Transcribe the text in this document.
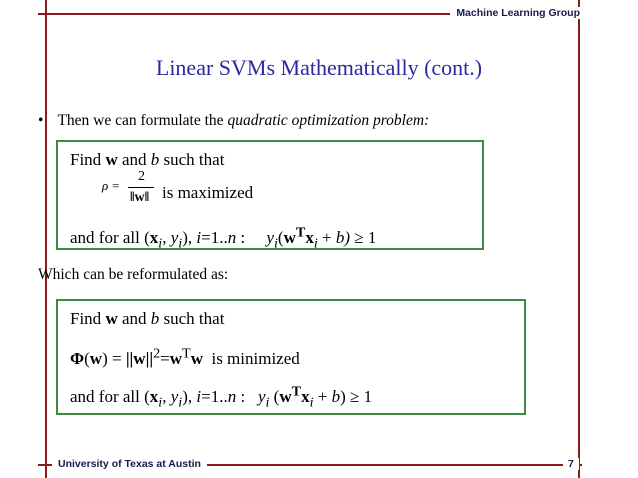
Machine Learning Group
University of Texas at Austin	7
Linear SVMs Mathematically (cont.)
• Then we can formulate the quadratic optimization problem:
Find w and b such that
ρ =
2
‖w‖ is maximized
and for all ($x_i$, $y_i$), i=1..n :     $y_i(w^Tx_i + b) \ge 1$
Which can be reformulated as:
Find w and b such that
$\Phi(w) = ||w||^2=w^Tw$  is minimized
and for all ($x_i$, $y_i$), i=1..n :   $y_i$ $(w^Tx_i + b) \ge 1$
